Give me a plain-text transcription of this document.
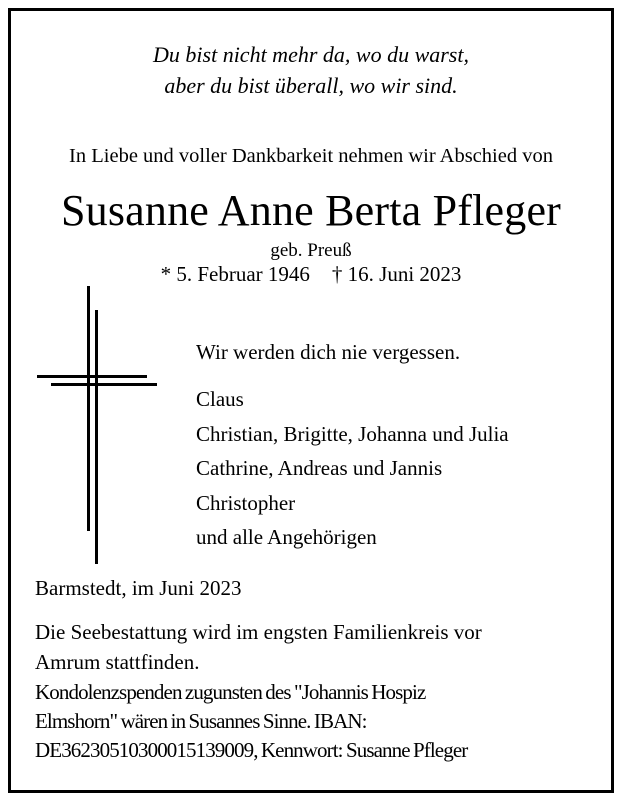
Du bist nicht mehr da, wo du warst,
aber du bist überall, wo wir sind.
In Liebe und voller Dankbarkeit nehmen wir Abschied von
Susanne Anne Berta Pfleger
geb. Preuß
* 5. Februar 1946 † 16. Juni 2023
Wir werden dich nie vergessen.
Claus
Christian, Brigitte, Johanna und Julia
Cathrine, Andreas und Jannis
Christopher
und alle Angehörigen
Barmstedt, im Juni 2023
Die Seebestattung wird im engsten Familienkreis vor
Amrum stattfinden.
Kondolenzspenden zugunsten des "Johannis Hospiz
Elmshorn" wären in Susannes Sinne. IBAN:
DE36230510300015139009, Kennwort: Susanne Pfleger
